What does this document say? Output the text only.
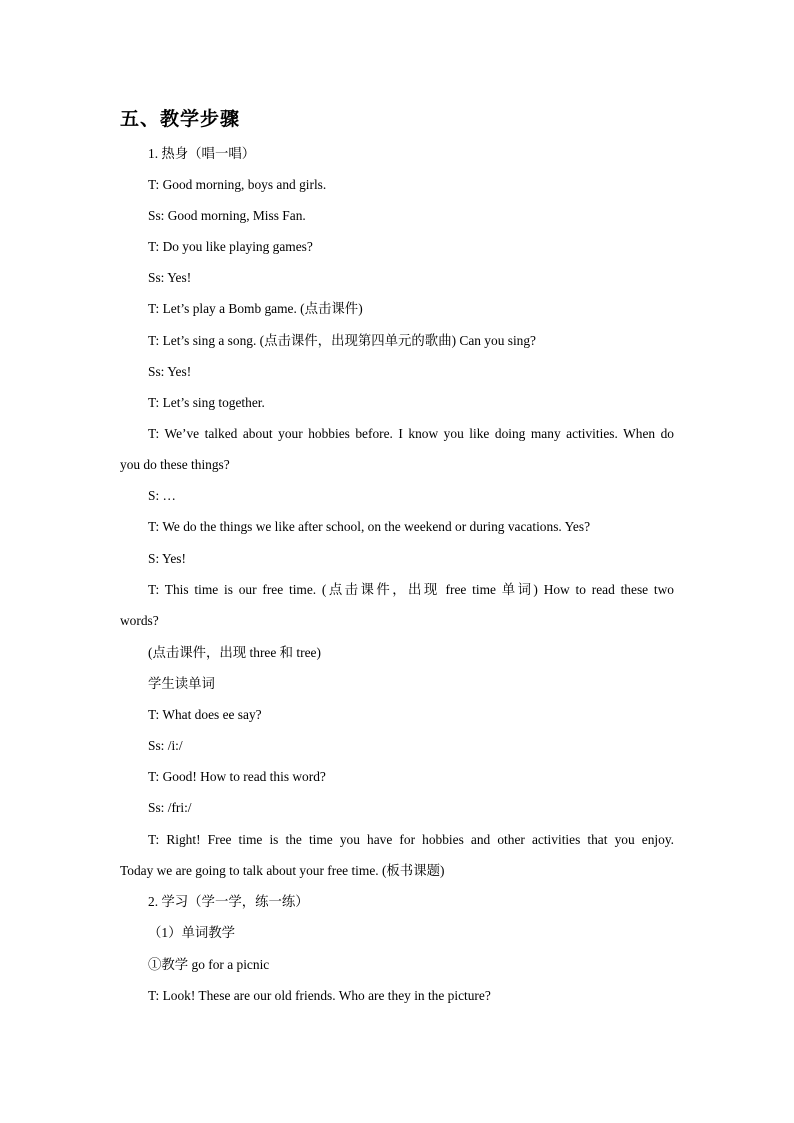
五、教学步骤
1. 热身（唱一唱）
T: Good morning, boys and girls.
Ss: Good morning, Miss Fan.
T: Do you like playing games?
Ss: Yes!
T: Let’s play a Bomb game. (点击课件)
T: Let’s sing a song. (点击课件，出现第四单元的歌曲) Can you sing?
Ss: Yes!
T: Let’s sing together.
T: We’ve talked about your hobbies before. I know you like doing many activities. When do
you do these things?
S: …
T: We do the things we like after school, on the weekend or during vacations. Yes?
S: Yes!
T: This time is our free time. (点击课件，出现 free time 单词) How to read these two
words?
(点击课件，出现 three 和 tree)
学生读单词
T: What does ee say?
Ss: /i:/
T: Good! How to read this word?
Ss: /fri:/
T: Right! Free time is the time you have for hobbies and other activities that you enjoy.
Today we are going to talk about your free time. (板书课题)
2. 学习（学一学，练一练）
（1）单词教学
①教学 go for a picnic
T: Look! These are our old friends. Who are they in the picture?
